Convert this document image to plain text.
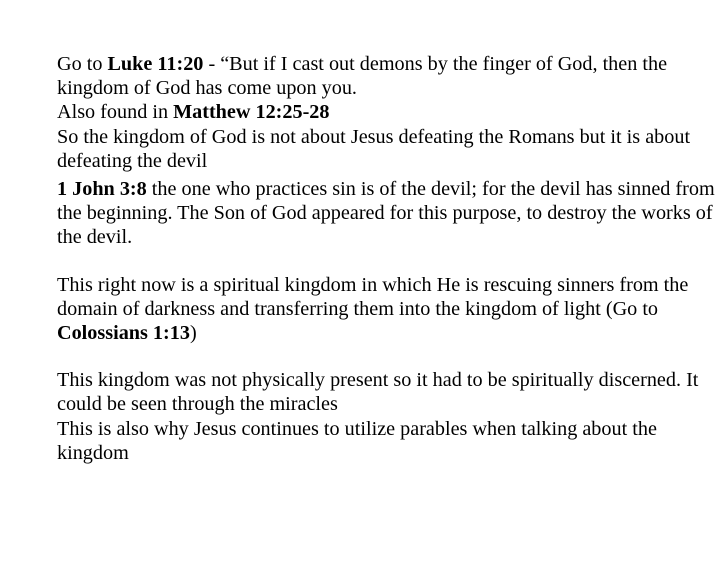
Go to Luke 11:20 - “But if I cast out demons by the finger of God, then the kingdom of God has come upon you.
Also found in Matthew 12:25-28
So the kingdom of God is not about Jesus defeating the Romans but it is about defeating the devil

1 John 3:8 the one who practices sin is of the devil; for the devil has sinned from the beginning. The Son of God appeared for this purpose, to destroy the works of the devil.

This right now is a spiritual kingdom in which He is rescuing sinners from the domain of darkness and transferring them into the kingdom of light (Go to Colossians 1:13)

This kingdom was not physically present so it had to be spiritually discerned. It could be seen through the miracles
This is also why Jesus continues to utilize parables when talking about the kingdom
